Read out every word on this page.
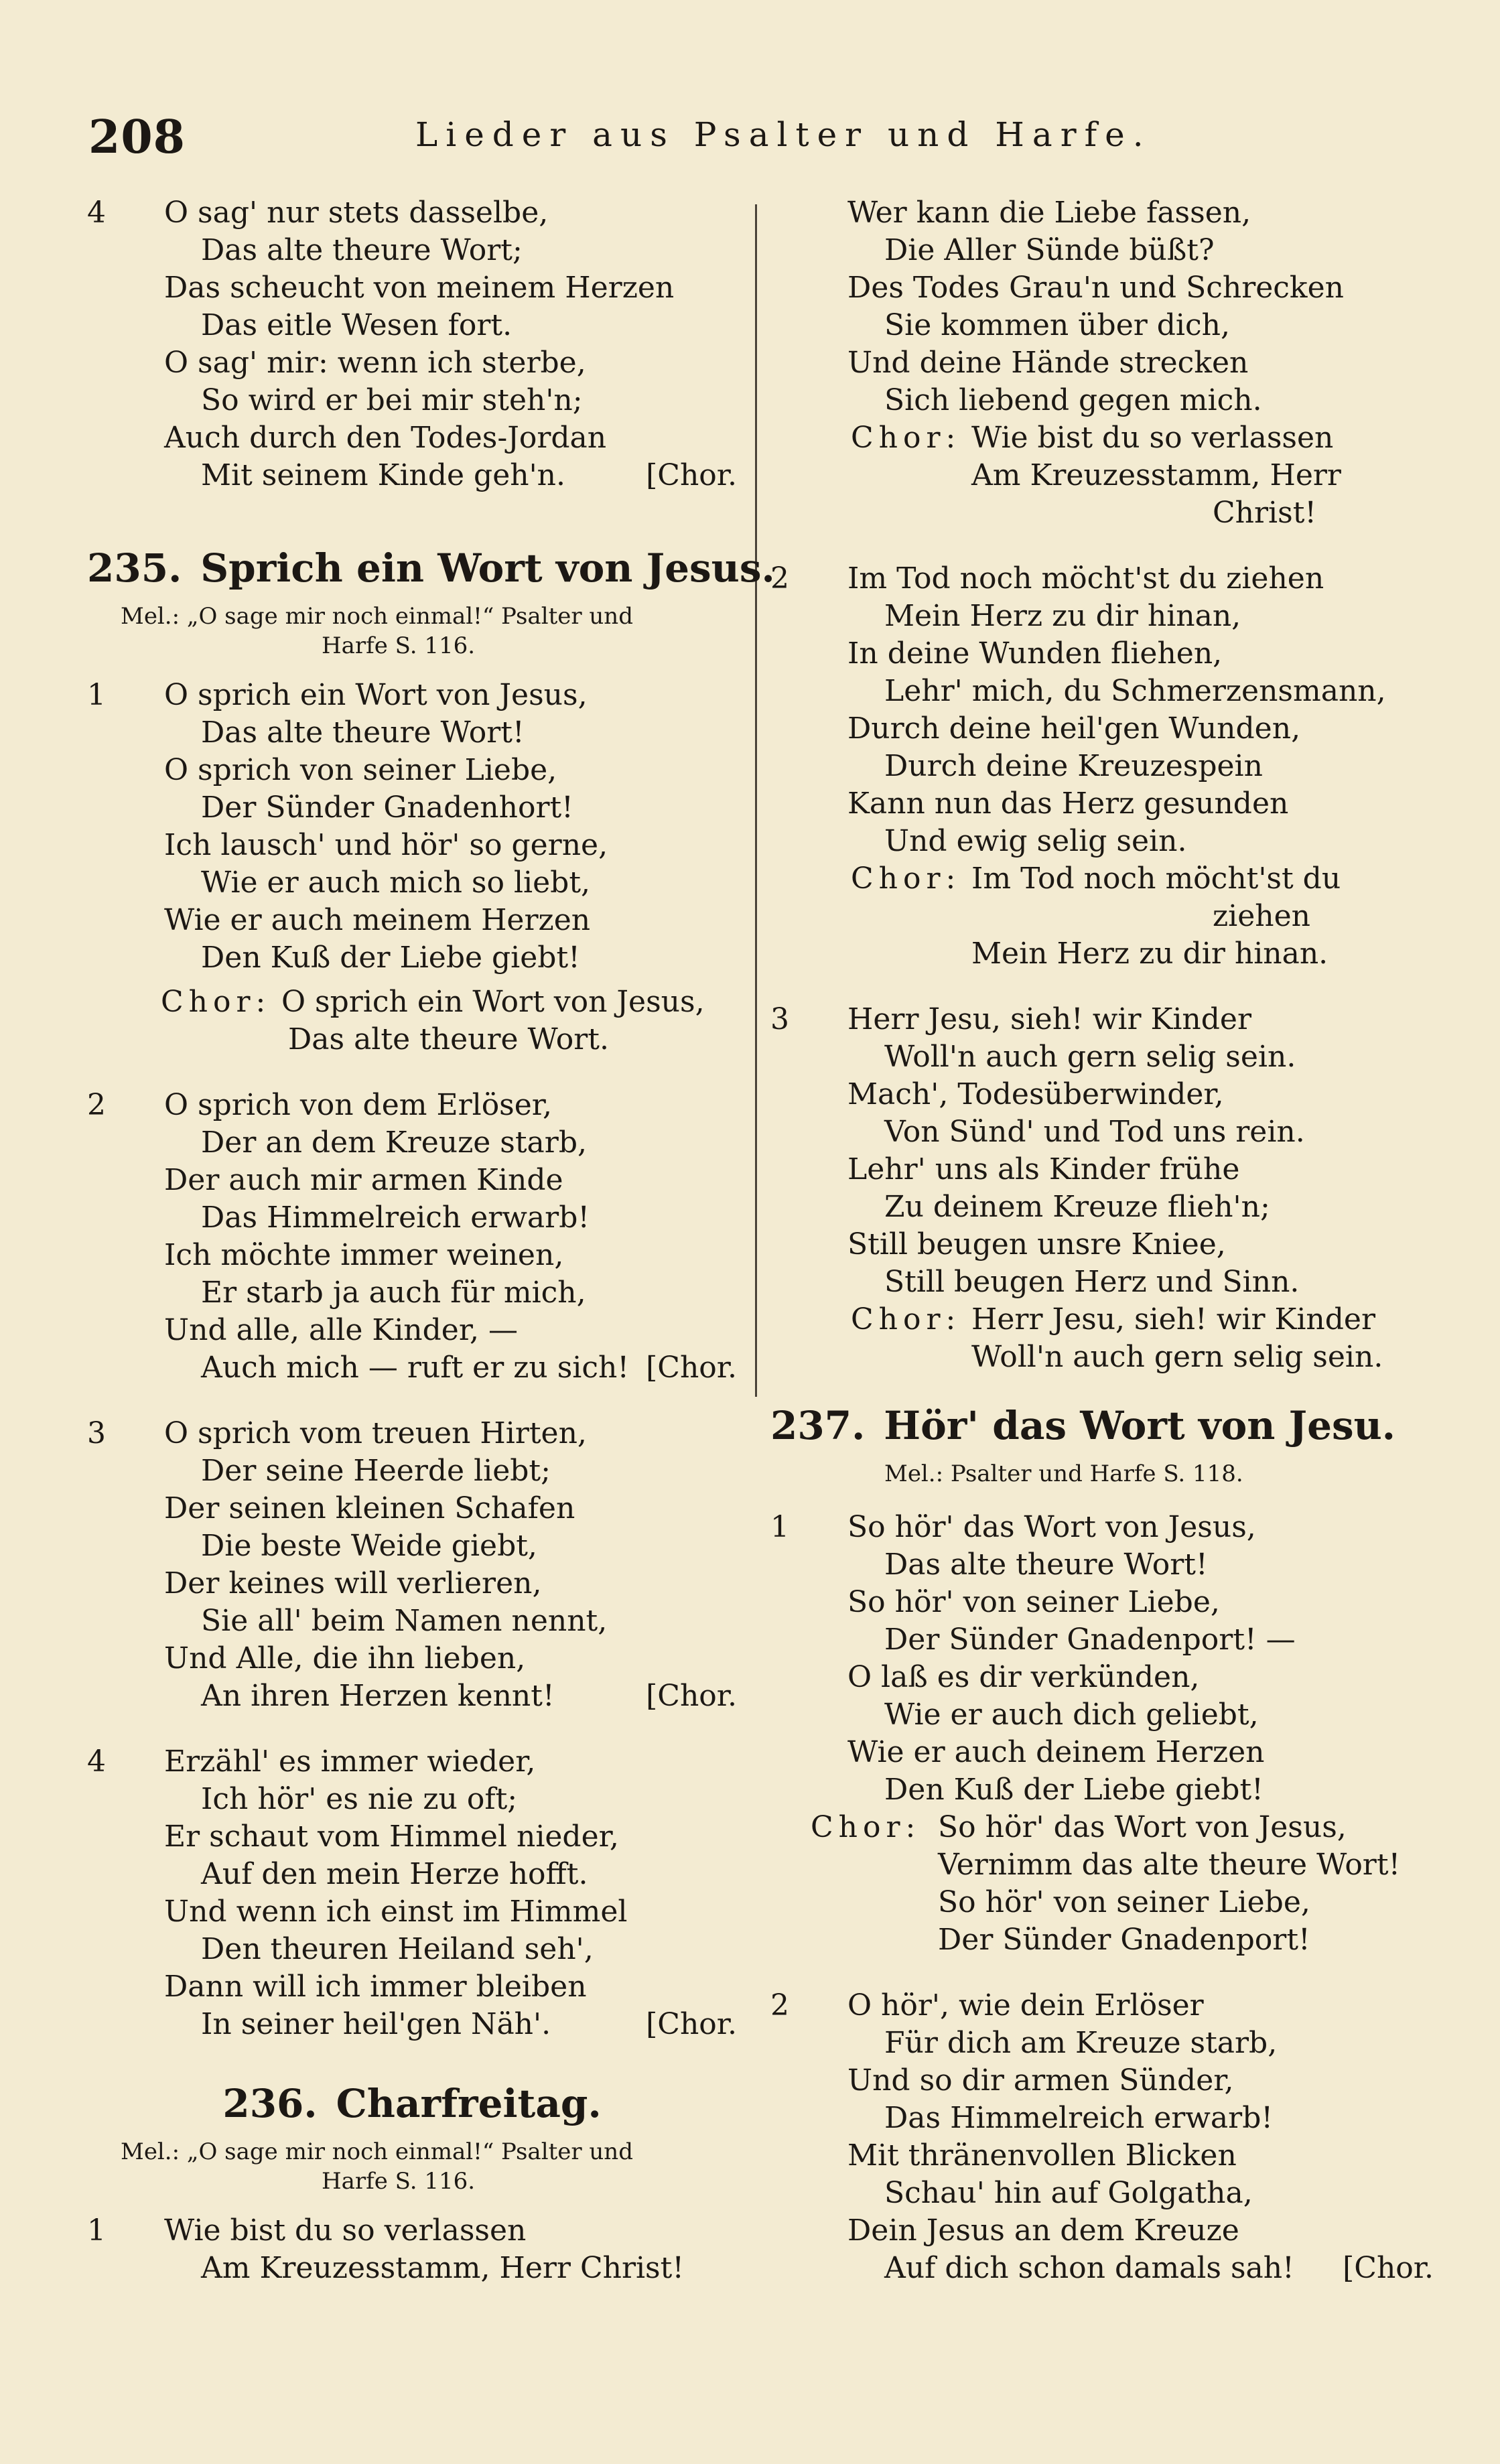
208	Lieder aus Psalter und Harfe.
4 O sag' nur stets dasselbe,
Das alte theure Wort;
Das scheucht von meinem Herzen
Das eitle Wesen fort.
O sag' mir: wenn ich sterbe,
So wird er bei mir steh'n;
Auch durch den Todes-Jordan
Mit seinem Kinde geh'n.	[Chor.
235. Sprich ein Wort von Jesus.
Mel.: „O sage mir noch einmal!“ Psalter und
Harfe S. 116.
1 O sprich ein Wort von Jesus,
Das alte theure Wort!
O sprich von seiner Liebe,
Der Sünder Gnadenhort!
Ich lausch' und hör' so gerne,
Wie er auch mich so liebt,
Wie er auch meinem Herzen
Den Kuß der Liebe giebt!
Chor: O sprich ein Wort von Jesus,
Das alte theure Wort.
2 O sprich von dem Erlöser,
Der an dem Kreuze starb,
Der auch mir armen Kinde
Das Himmelreich erwarb!
Ich möchte immer weinen,
Er starb ja auch für mich,
Und alle, alle Kinder, —
Auch mich — ruft er zu sich! [Chor.
3 O sprich vom treuen Hirten,
Der seine Heerde liebt;
Der seinen kleinen Schafen
Die beste Weide giebt,
Der keines will verlieren,
Sie all' beim Namen nennt,
Und Alle, die ihn lieben,
An ihren Herzen kennt!	[Chor.
4 Erzähl' es immer wieder,
Ich hör' es nie zu oft;
Er schaut vom Himmel nieder,
Auf den mein Herze hofft.
Und wenn ich einst im Himmel
Den theuren Heiland seh',
Dann will ich immer bleiben
In seiner heil'gen Näh'.	[Chor.
236. Charfreitag.
Mel.: „O sage mir noch einmal!“ Psalter und
Harfe S. 116.
1 Wie bist du so verlassen
Am Kreuzesstamm, Herr Christ!
Wer kann die Liebe fassen,
Die Aller Sünde büßt?
Des Todes Grau'n und Schrecken
Sie kommen über dich,
Und deine Hände strecken
Sich liebend gegen mich.
Chor: Wie bist du so verlassen
Am Kreuzesstamm, Herr
Christ!
2 Im Tod noch möcht'st du ziehen
Mein Herz zu dir hinan,
In deine Wunden fliehen,
Lehr' mich, du Schmerzensmann,
Durch deine heil'gen Wunden,
Durch deine Kreuzespein
Kann nun das Herz gesunden
Und ewig selig sein.
Chor: Im Tod noch möcht'st du
ziehen
Mein Herz zu dir hinan.
3 Herr Jesu, sieh! wir Kinder
Woll'n auch gern selig sein.
Mach', Todesüberwinder,
Von Sünd' und Tod uns rein.
Lehr' uns als Kinder frühe
Zu deinem Kreuze flieh'n;
Still beugen unsre Kniee,
Still beugen Herz und Sinn.
Chor: Herr Jesu, sieh! wir Kinder
Woll'n auch gern selig sein.
237. Hör' das Wort von Jesu.
Mel.: Psalter und Harfe S. 118.
1 So hör' das Wort von Jesus,
Das alte theure Wort!
So hör' von seiner Liebe,
Der Sünder Gnadenport! —
O laß es dir verkünden,
Wie er auch dich geliebt,
Wie er auch deinem Herzen
Den Kuß der Liebe giebt!
Chor: So hör' das Wort von Jesus,
Vernimm das alte theure Wort!
So hör' von seiner Liebe,
Der Sünder Gnadenport!
2 O hör', wie dein Erlöser
Für dich am Kreuze starb,
Und so dir armen Sünder,
Das Himmelreich erwarb!
Mit thränenvollen Blicken
Schau' hin auf Golgatha,
Dein Jesus an dem Kreuze
Auf dich schon damals sah! [Chor.
